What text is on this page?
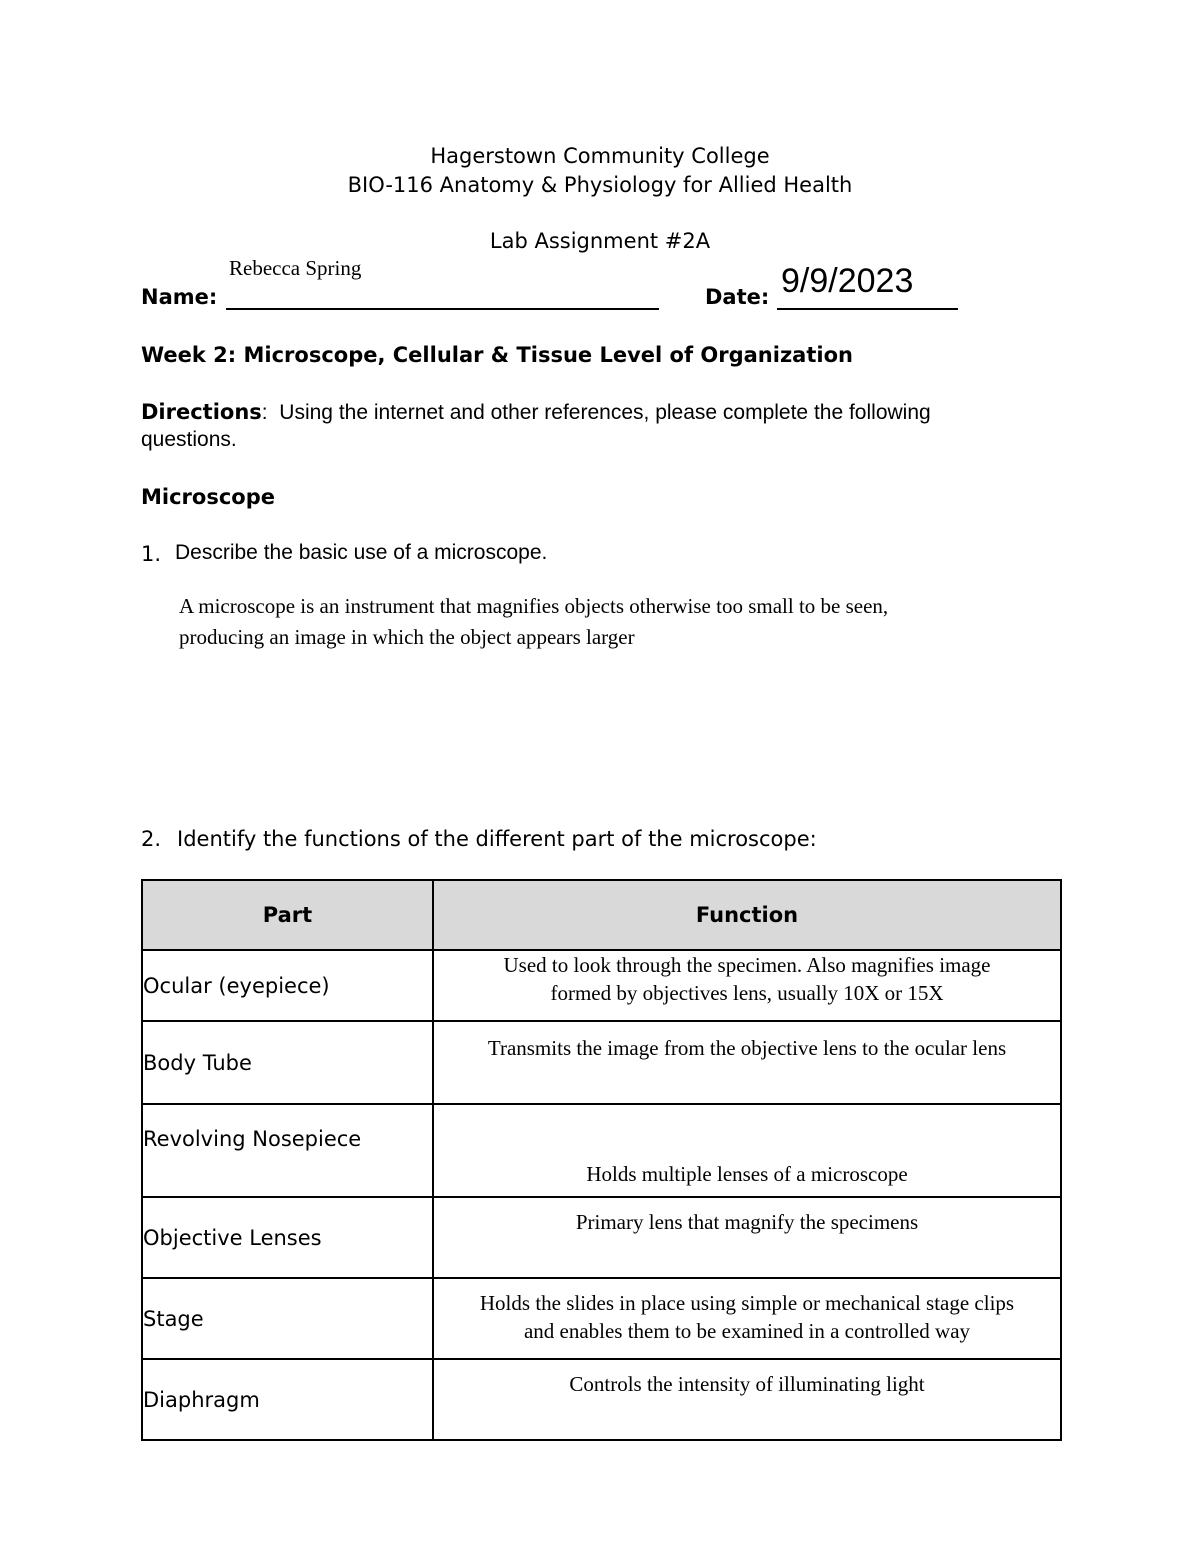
Hagerstown Community College
BIO-116 Anatomy & Physiology for Allied Health
Lab Assignment #2A
Rebecca Spring
Name:	Date: 9/9/2023
Week 2: Microscope, Cellular & Tissue Level of Organization
Directions:  Using the internet and other references, please complete the following
questions.
Microscope
1. Describe the basic use of a microscope.
A microscope is an instrument that magnifies objects otherwise too small to be seen,
producing an image in which the object appears larger
2. Identify the functions of the different part of the microscope:
Part	Function
Ocular (eyepiece)	Used to look through the specimen. Also magnifies image
formed by objectives lens, usually 10X or 15X

Body Tube	Transmits the image from the objective lens to the ocular lens

Revolving Nosepiece	Holds multiple lenses of a microscope

Objective Lenses	Primary lens that magnify the specimens

Stage	Holds the slides in place using simple or mechanical stage clips
and enables them to be examined in a controlled way

Diaphragm	Controls the intensity of illuminating light
